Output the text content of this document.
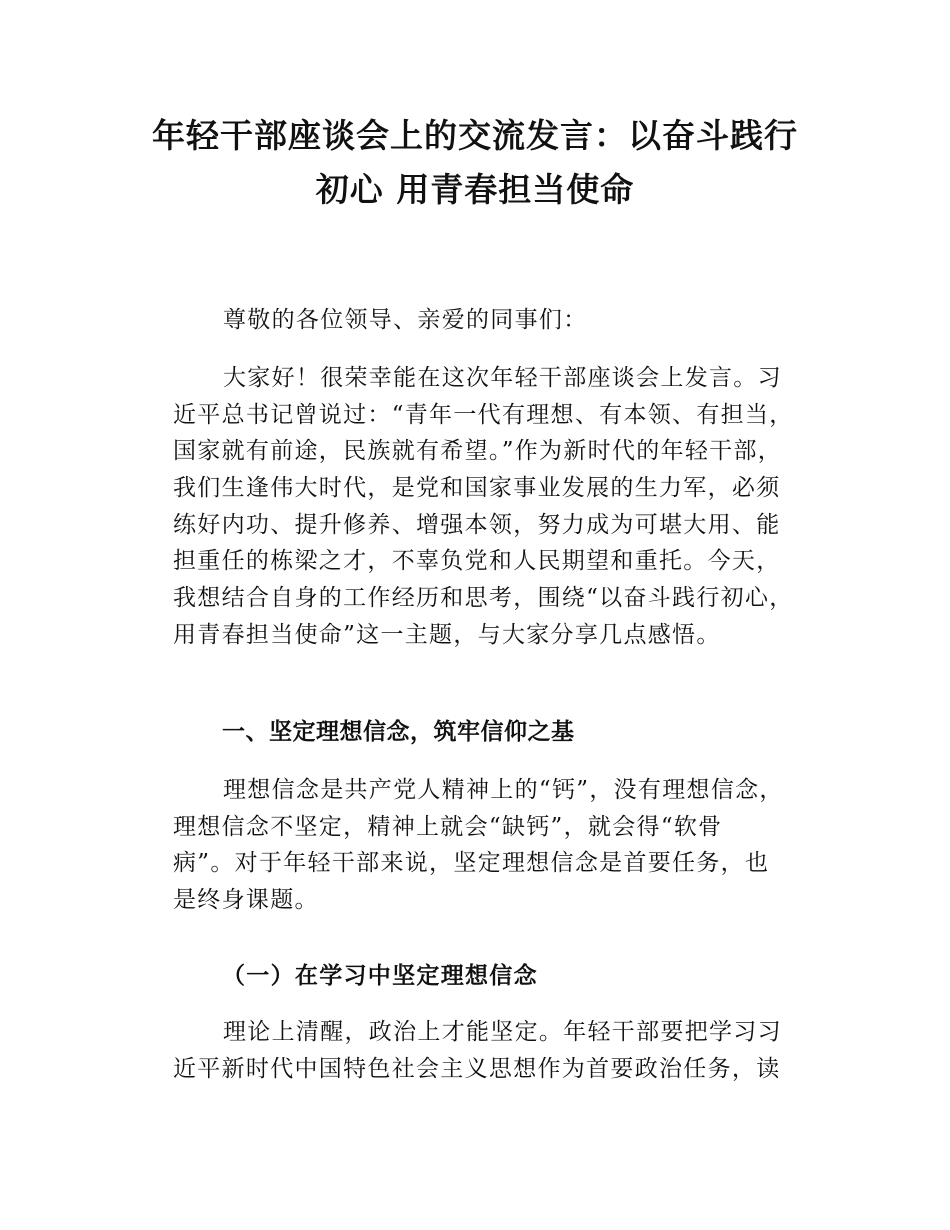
年轻干部座谈会上的交流发言：以奋斗践行
初心 用青春担当使命

尊敬的各位领导、亲爱的同事们：

大家好！很荣幸能在这次年轻干部座谈会上发言。习
近平总书记曾说过：“青年一代有理想、有本领、有担当，
国家就有前途，民族就有希望。”作为新时代的年轻干部，
我们生逢伟大时代，是党和国家事业发展的生力军，必须
练好内功、提升修养、增强本领，努力成为可堪大用、能
担重任的栋梁之才，不辜负党和人民期望和重托。今天，
我想结合自身的工作经历和思考，围绕“以奋斗践行初心，
用青春担当使命”这一主题，与大家分享几点感悟。

一、坚定理想信念，筑牢信仰之基

理想信念是共产党人精神上的“钙”，没有理想信念，
理想信念不坚定，精神上就会“缺钙”，就会得“软骨
病”。对于年轻干部来说，坚定理想信念是首要任务，也
是终身课题。

（一）在学习中坚定理想信念

理论上清醒，政治上才能坚定。年轻干部要把学习习
近平新时代中国特色社会主义思想作为首要政治任务，读
